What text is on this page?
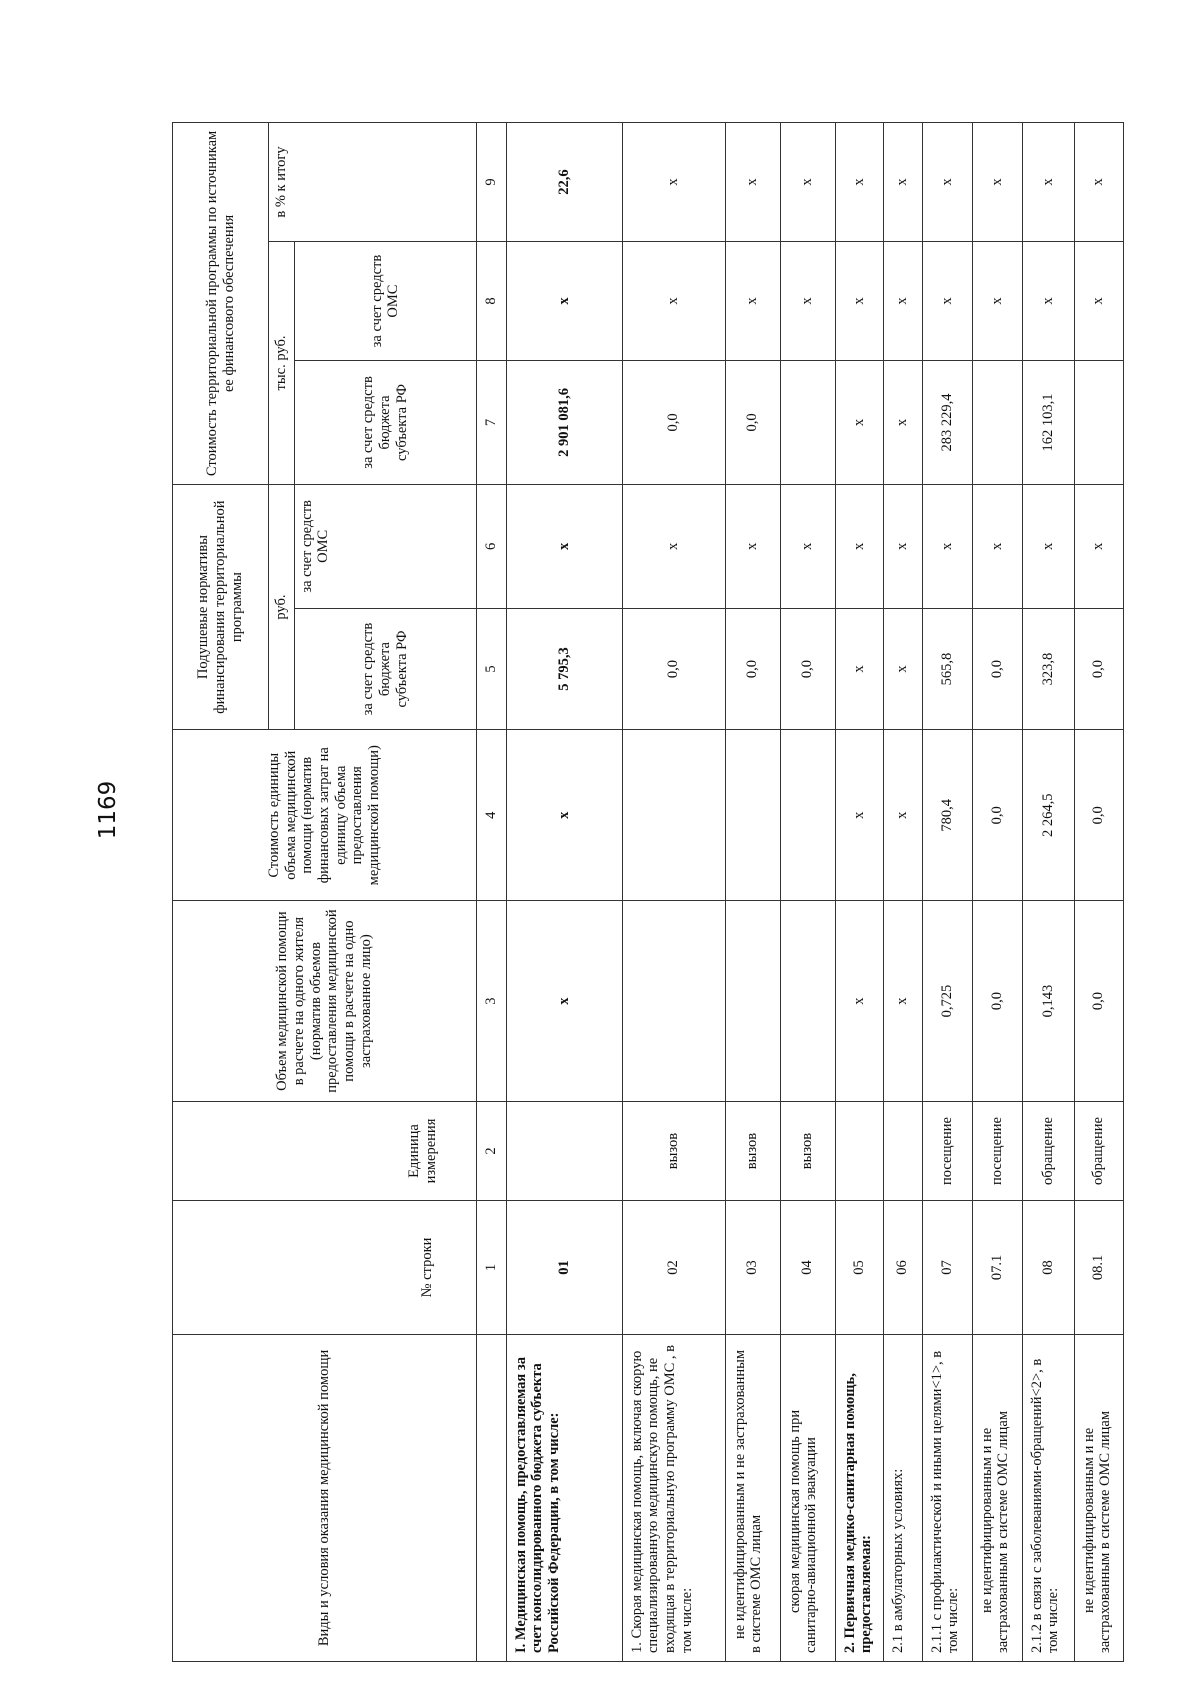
1169
Виды и условия оказания медицинской помощи	№ строки	Единица измерения	Объем медицинской помощи в расчете на одного жителя (норматив объемов предоставления медицинской помощи в расчете на одно застрахованное лицо)	Стоимость единицы объема медицинской помощи (норматив финансовых затрат на единицу объема предоставления медицинской помощи)	Подушевые нормативы финансирования территориальной программы		Стоимость территориальной программы по источникам ее финансового обеспечения		
					руб.		тыс. руб.		в % к итогу
					за счет средств бюджета субъекта РФ	за счет средств ОМС	за счет средств бюджета субъекта РФ	за счет средств ОМС	
	1	2	3	4	5	6	7	8	9
I. Медицинская помощь, предоставляемая за счет консолидированного бюджета субъекта Российской Федерации, в том числе:	01		х	х	5 795,3	х	2 901 081,6	х	22,6
1. Скорая медицинская помощь, включая скорую специализированную медицинскую помощь, не входящая в территориальную программу ОМС , в том числе:	02	вызов			0,0	х	0,0	х	х
не идентифицированным и не застрахованным в системе ОМС лицам	03	вызов			0,0	х	0,0	х	х
скорая медицинская помощь при санитарно-авиационной эвакуации	04	вызов			0,0	х		х	х
2. Первичная медико-санитарная помощь, предоставляемая:	05		х	х	х	х	х	х	х
2.1 в амбулаторных условиях:	06		х	х	х	х	х	х	х
2.1.1 с профилактической и иными целями<1>, в том числе:	07	посещение	0,725	780,4	565,8	х	283 229,4	х	х
не идентифицированным и не застрахованным в системе ОМС лицам	07.1	посещение	0,0	0,0	0,0	х		х	х
2.1.2 в связи с заболеваниями-обращений<2>, в том числе:	08	обращение	0,143	2 264,5	323,8	х	162 103,1	х	х
не идентифицированным и не застрахованным в системе ОМС лицам	08.1	обращение	0,0	0,0	0,0	х		х	х
